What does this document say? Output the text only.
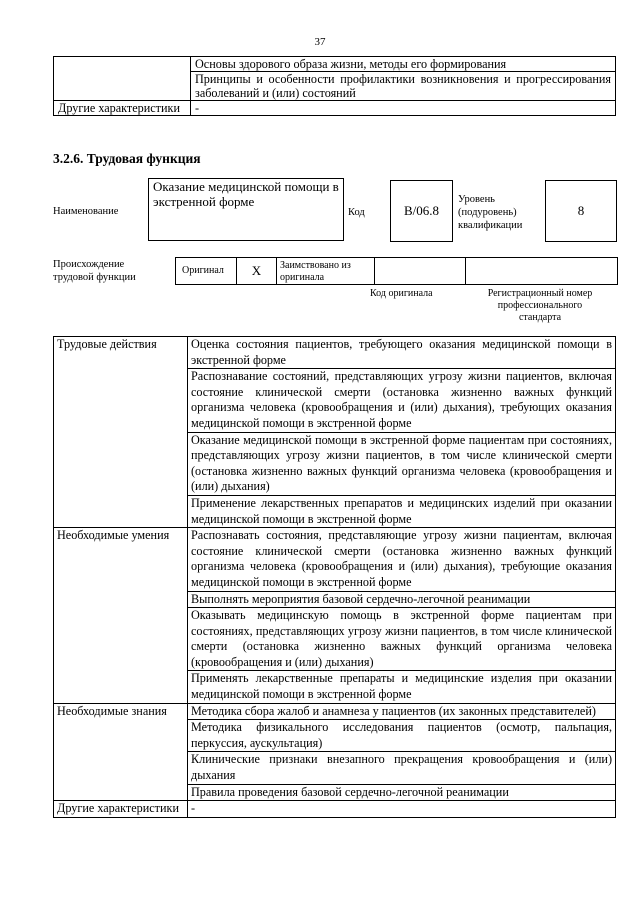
37
	Основы здорового образа жизни, методы его формирования
	Принципы и особенности профилактики возникновения и прогрессирования заболеваний и (или) состояний
Другие характеристики	-
3.2.6. Трудовая функция
Наименование
Оказание медицинской помощи в экстренной форме
Код	B/06.8
Уровень (подуровень) квалификации
8
Происхождение трудовой функции
Оригинал X Заимствовано из оригинала
Код оригинала	Регистрационный номер профессионального стандарта
Трудовые действия	Оценка состояния пациентов, требующего оказания медицинской помощи в экстренной форме
	Распознавание состояний, представляющих угрозу жизни пациентов, включая состояние клинической смерти (остановка жизненно важных функций организма человека (кровообращения и (или) дыхания), требующих оказания медицинской помощи в экстренной форме
	Оказание медицинской помощи в экстренной форме пациентам при состояниях, представляющих угрозу жизни пациентов, в том числе клинической смерти (остановка жизненно важных функций организма человека (кровообращения и (или) дыхания)
	Применение лекарственных препаратов и медицинских изделий при оказании медицинской помощи в экстренной форме
Необходимые умения	Распознавать состояния, представляющие угрозу жизни пациентам, включая состояние клинической смерти (остановка жизненно важных функций организма человека (кровообращения и (или) дыхания), требующие оказания медицинской помощи в экстренной форме
	Выполнять мероприятия базовой сердечно-легочной реанимации
	Оказывать медицинскую помощь в экстренной форме пациентам при состояниях, представляющих угрозу жизни пациентов, в том числе клинической смерти (остановка жизненно важных функций организма человека (кровообращения и (или) дыхания)
	Применять лекарственные препараты и медицинские изделия при оказании медицинской помощи в экстренной форме
Необходимые знания	Методика сбора жалоб и анамнеза у пациентов (их законных представителей)
	Методика физикального исследования пациентов (осмотр, пальпация, перкуссия, аускультация)
	Клинические признаки внезапного прекращения кровообращения и (или) дыхания
	Правила проведения базовой сердечно-легочной реанимации
Другие характеристики	-
